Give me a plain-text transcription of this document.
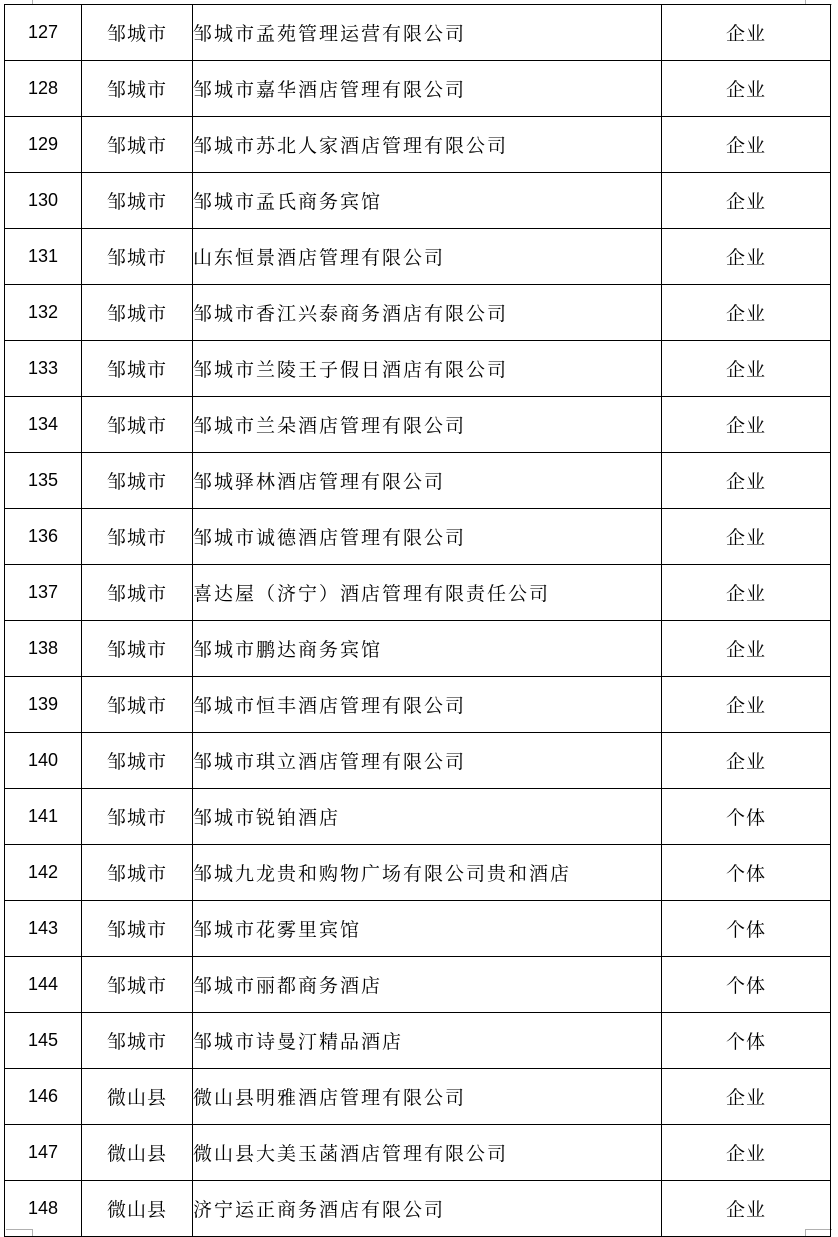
127	邹城市	邹城市孟苑管理运营有限公司	企业
128	邹城市	邹城市嘉华酒店管理有限公司	企业
129	邹城市	邹城市苏北人家酒店管理有限公司	企业
130	邹城市	邹城市孟氏商务宾馆	企业
131	邹城市	山东恒景酒店管理有限公司	企业
132	邹城市	邹城市香江兴泰商务酒店有限公司	企业
133	邹城市	邹城市兰陵王子假日酒店有限公司	企业
134	邹城市	邹城市兰朵酒店管理有限公司	企业
135	邹城市	邹城驿林酒店管理有限公司	企业
136	邹城市	邹城市诚德酒店管理有限公司	企业
137	邹城市	喜达屋（济宁）酒店管理有限责任公司	企业
138	邹城市	邹城市鹏达商务宾馆	企业
139	邹城市	邹城市恒丰酒店管理有限公司	企业
140	邹城市	邹城市琪立酒店管理有限公司	企业
141	邹城市	邹城市锐铂酒店	个体
142	邹城市	邹城九龙贵和购物广场有限公司贵和酒店	个体
143	邹城市	邹城市花雾里宾馆	个体
144	邹城市	邹城市丽都商务酒店	个体
145	邹城市	邹城市诗曼汀精品酒店	个体
146	微山县	微山县明雅酒店管理有限公司	企业
147	微山县	微山县大美玉菡酒店管理有限公司	企业
148	微山县	济宁运正商务酒店有限公司	企业
